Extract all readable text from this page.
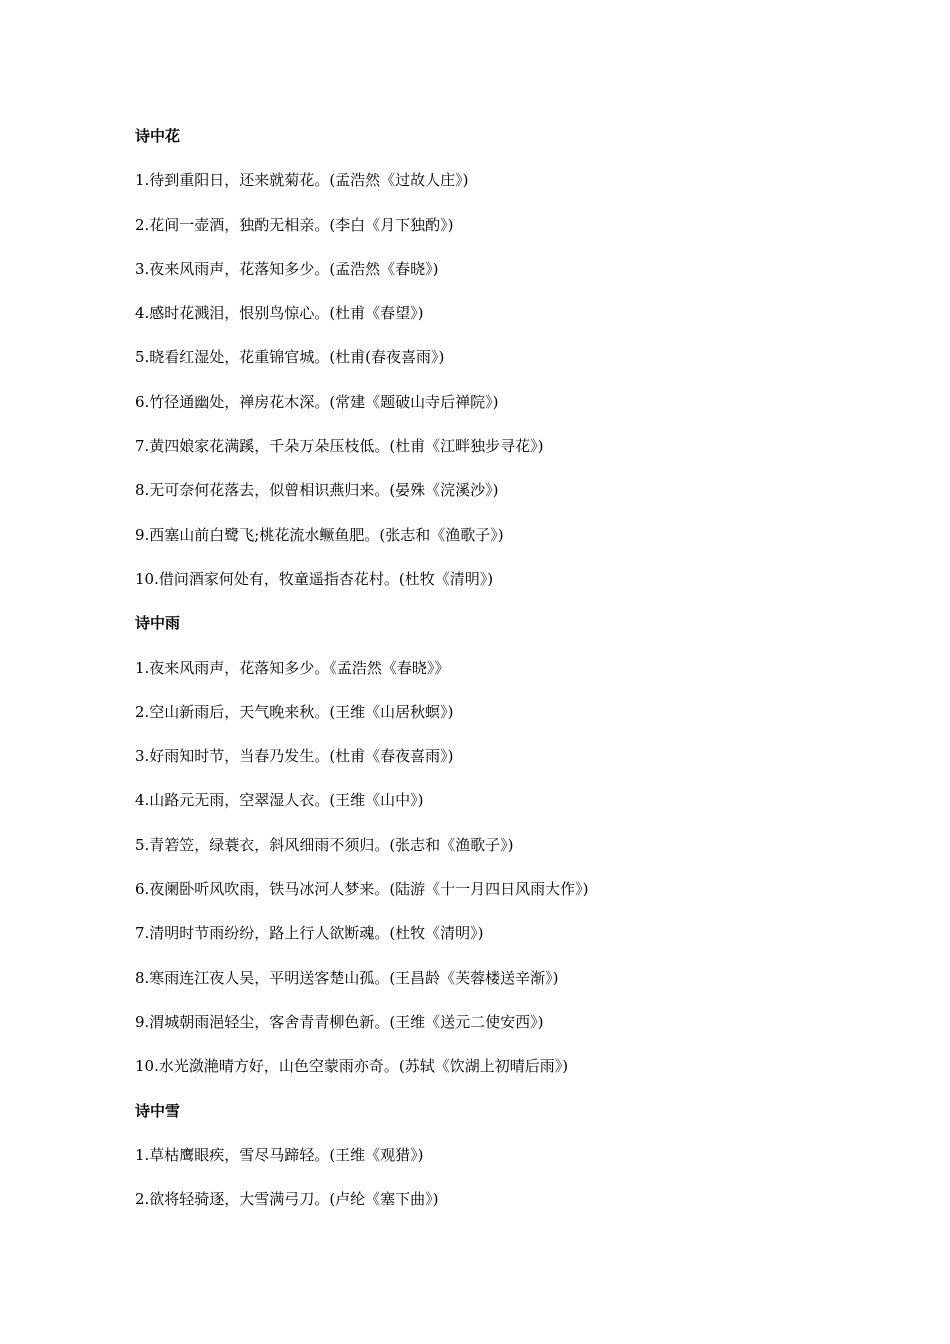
诗中花

1.待到重阳日，还来就菊花。(孟浩然《过故人庄》)

2.花间一壶酒，独酌无相亲。(李白《月下独酌》)

3.夜来风雨声，花落知多少。(孟浩然《春晓》)

4.感时花溅泪，恨别鸟惊心。(杜甫《春望》)

5.晓看红湿处，花重锦官城。(杜甫(春夜喜雨》)

6.竹径通幽处，禅房花木深。(常建《题破山寺后禅院》)

7.黄四娘家花满蹊，千朵万朵压枝低。(杜甫《江畔独步寻花》)

8.无可奈何花落去，似曾相识燕归来。(晏殊《浣溪沙》)

9.西塞山前白鹭飞;桃花流水鳜鱼肥。(张志和《渔歌子》)

10.借问酒家何处有，牧童遥指杏花村。(杜牧《清明》)

诗中雨

1.夜来风雨声，花落知多少。《孟浩然《春晓》》

2.空山新雨后，天气晚来秋。(王维《山居秋螟》)

3.好雨知时节，当春乃发生。(杜甫《春夜喜雨》)

4.山路元无雨，空翠湿人衣。(王维《山中》)

5.青箬笠，绿蓑衣，斜风细雨不须归。(张志和《渔歌子》)

6.夜阑卧听风吹雨，铁马冰河人梦来。(陆游《十一月四日风雨大作》)

7.清明时节雨纷纷，路上行人欲断魂。(杜牧《清明》)

8.寒雨连江夜人吴，平明送客楚山孤。(王昌龄《芙蓉楼送辛渐》)

9.渭城朝雨浥轻尘，客舍青青柳色新。(王维《送元二使安西》)

10.水光潋滟晴方好，山色空蒙雨亦奇。(苏轼《饮湖上初晴后雨》)

诗中雪

1.草枯鹰眼疾，雪尽马蹄轻。(王维《观猎》)

2.欲将轻骑逐，大雪满弓刀。(卢纶《塞下曲》)
